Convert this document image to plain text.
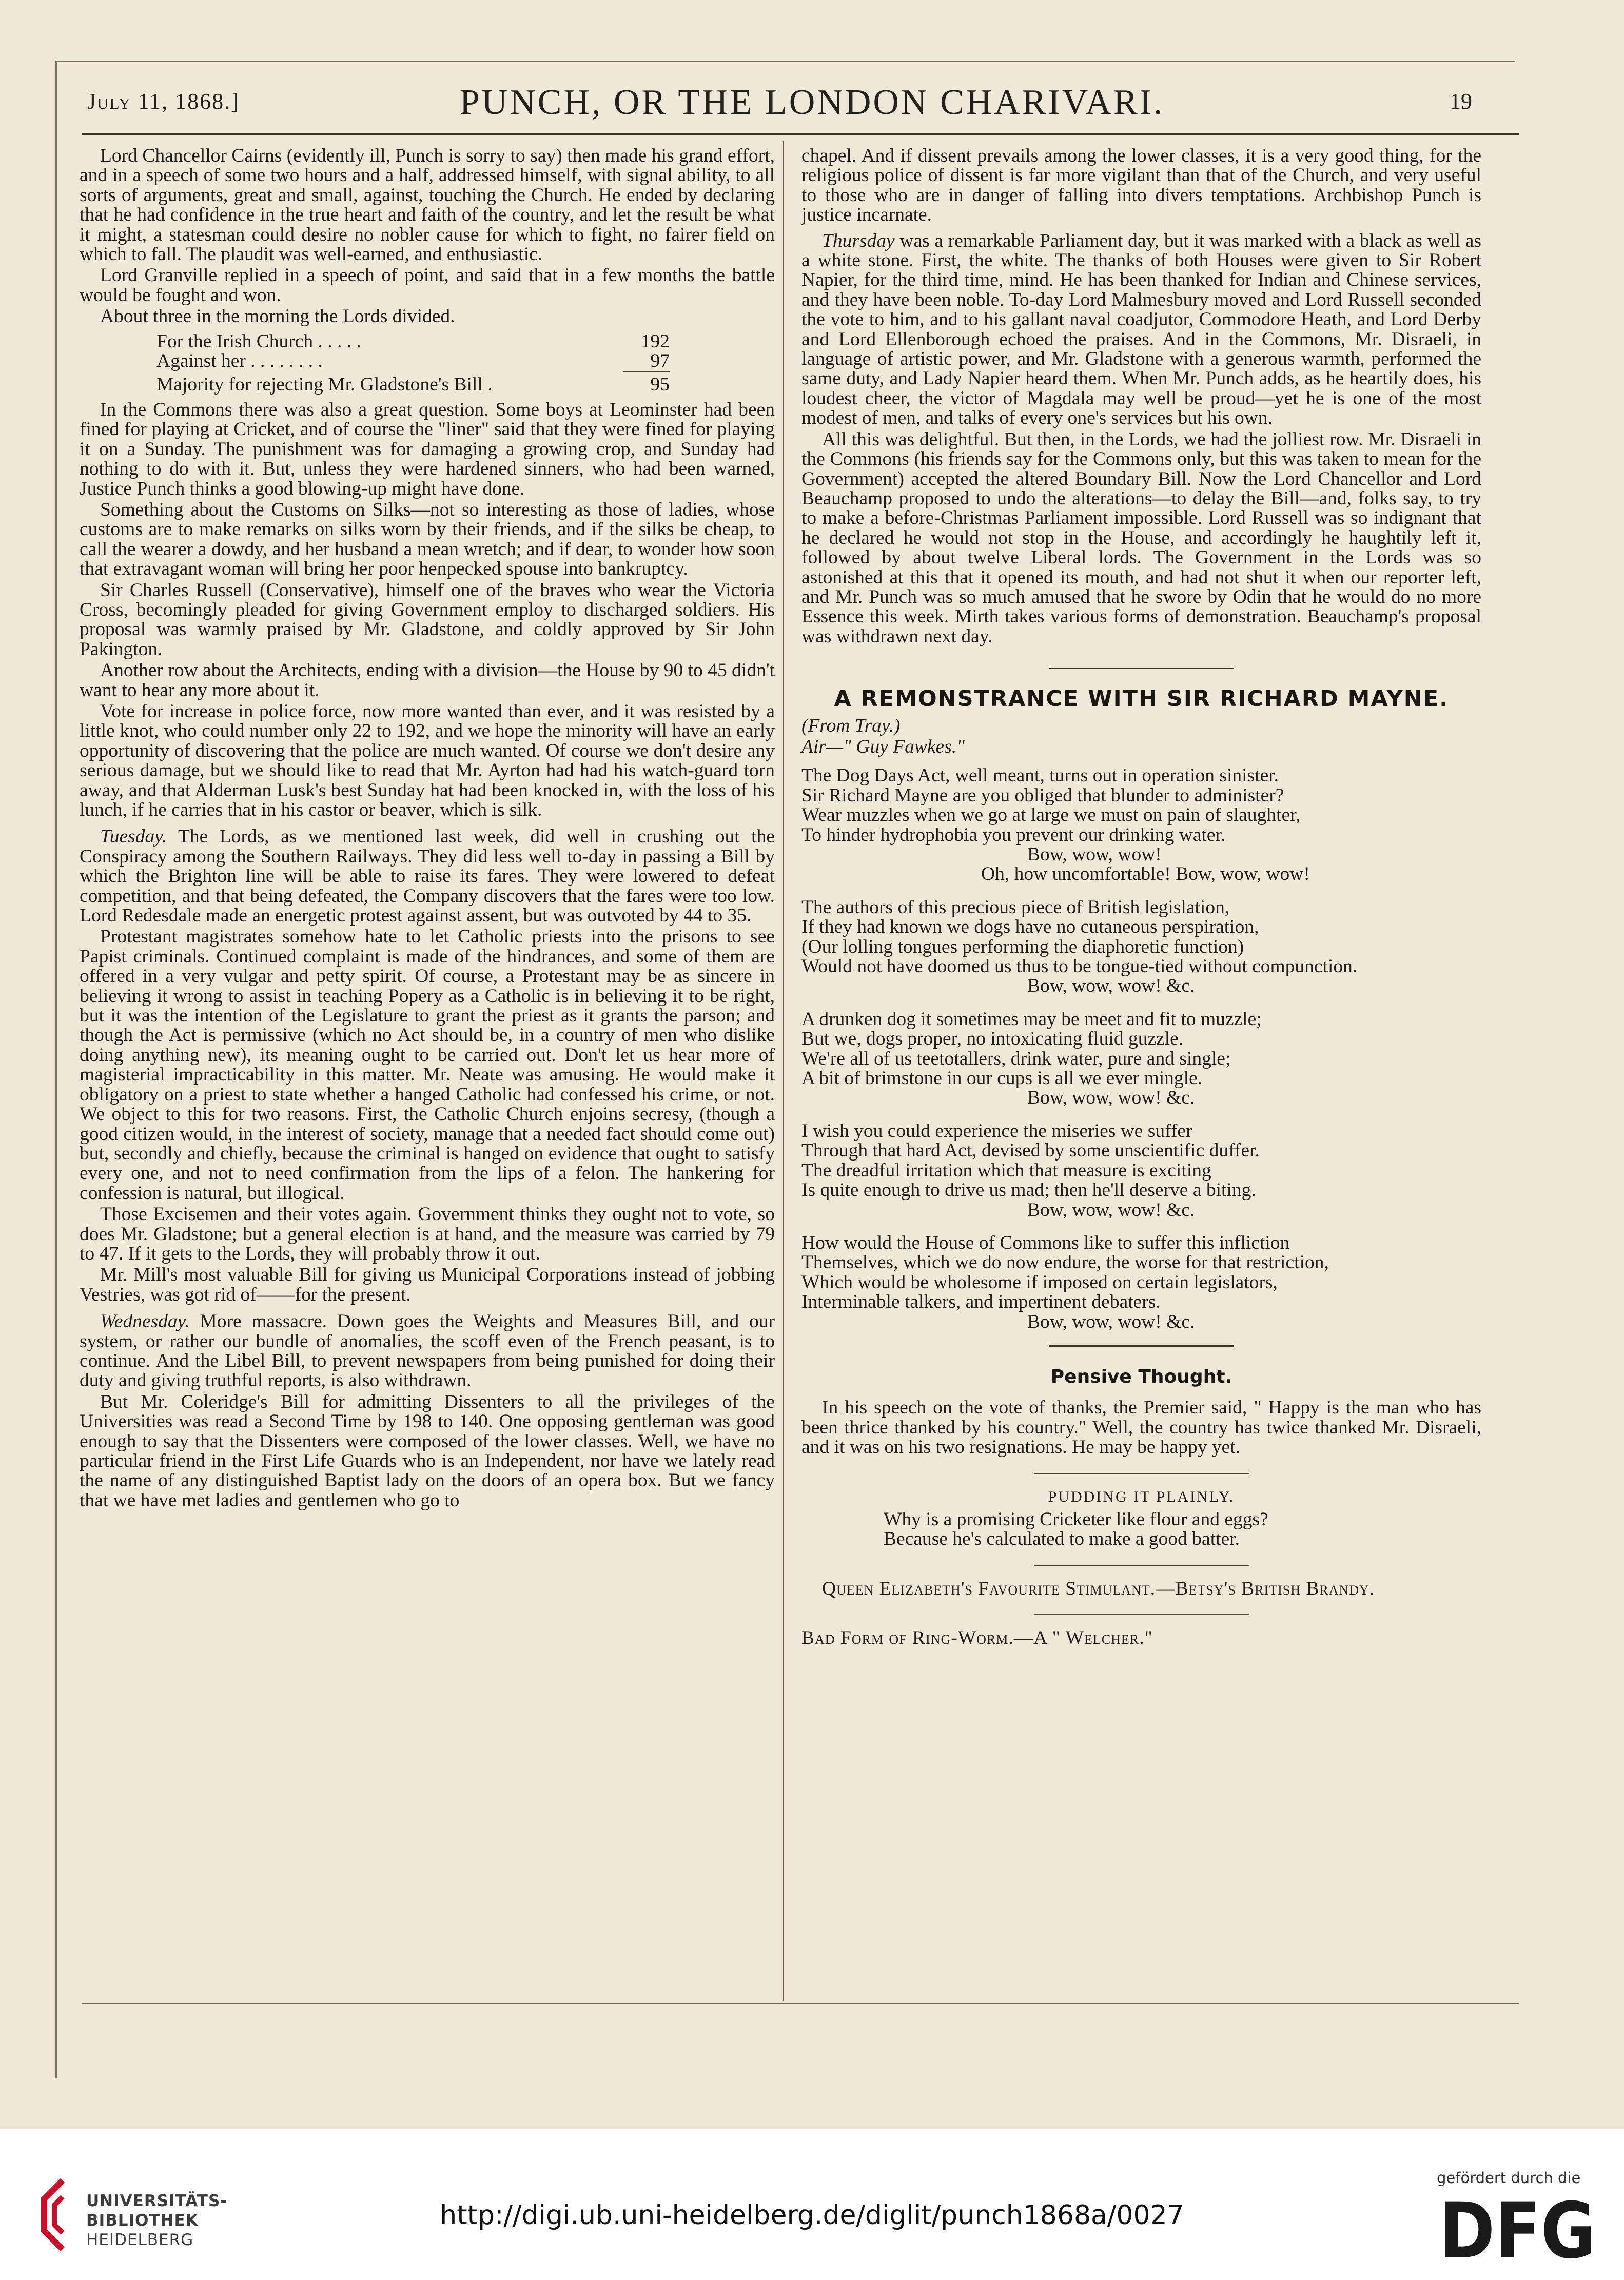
July 11, 1868.]	PUNCH, OR THE LONDON CHARIVARI.	19

Lord Chancellor Cairns (evidently ill, Punch is sorry to say) then made his grand effort, and in a speech of some two hours and a half, addressed himself, with signal ability, to all sorts of arguments, great and small, against, touching the Church. He ended by declaring that he had confidence in the true heart and faith of the country, and let the result be what it might, a statesman could desire no nobler cause for which to fight, no fairer field on which to fall. The plaudit was well-earned, and enthusiastic.

Lord Granville replied in a speech of point, and said that in a few months the battle would be fought and won.

About three in the morning the Lords divided.

For the Irish Church . . . . .	192
Against her . . . . . . . .	97
Majority for rejecting Mr. Gladstone's Bill .	95

In the Commons there was also a great question. Some boys at Leominster had been fined for playing at Cricket, and of course the "liner" said that they were fined for playing it on a Sunday. The punishment was for damaging a growing crop, and Sunday had nothing to do with it. But, unless they were hardened sinners, who had been warned, Justice Punch thinks a good blowing-up might have done.

Something about the Customs on Silks—not so interesting as those of ladies, whose customs are to make remarks on silks worn by their friends, and if the silks be cheap, to call the wearer a dowdy, and her husband a mean wretch; and if dear, to wonder how soon that extravagant woman will bring her poor henpecked spouse into bankruptcy.

Sir Charles Russell (Conservative), himself one of the braves who wear the Victoria Cross, becomingly pleaded for giving Government employ to discharged soldiers. His proposal was warmly praised by Mr. Gladstone, and coldly approved by Sir John Pakington.

Another row about the Architects, ending with a division—the House by 90 to 45 didn't want to hear any more about it.

Vote for increase in police force, now more wanted than ever, and it was resisted by a little knot, who could number only 22 to 192, and we hope the minority will have an early opportunity of discovering that the police are much wanted. Of course we don't desire any serious damage, but we should like to read that Mr. Ayrton had had his watch-guard torn away, and that Alderman Lusk's best Sunday hat had been knocked in, with the loss of his lunch, if he carries that in his castor or beaver, which is silk.

Tuesday. The Lords, as we mentioned last week, did well in crushing out the Conspiracy among the Southern Railways. They did less well to-day in passing a Bill by which the Brighton line will be able to raise its fares. They were lowered to defeat competition, and that being defeated, the Company discovers that the fares were too low. Lord Redesdale made an energetic protest against assent, but was outvoted by 44 to 35.

Protestant magistrates somehow hate to let Catholic priests into the prisons to see Papist criminals. Continued complaint is made of the hindrances, and some of them are offered in a very vulgar and petty spirit. Of course, a Protestant may be as sincere in believing it wrong to assist in teaching Popery as a Catholic is in believing it to be right, but it was the intention of the Legislature to grant the priest as it grants the parson; and though the Act is permissive (which no Act should be, in a country of men who dislike doing anything new), its meaning ought to be carried out. Don't let us hear more of magisterial impracticability in this matter. Mr. Neate was amusing. He would make it obligatory on a priest to state whether a hanged Catholic had confessed his crime, or not. We object to this for two reasons. First, the Catholic Church enjoins secresy, (though a good citizen would, in the interest of society, manage that a needed fact should come out) but, secondly and chiefly, because the criminal is hanged on evidence that ought to satisfy every one, and not to need confirmation from the lips of a felon. The hankering for confession is natural, but illogical.

Those Excisemen and their votes again. Government thinks they ought not to vote, so does Mr. Gladstone; but a general election is at hand, and the measure was carried by 79 to 47. If it gets to the Lords, they will probably throw it out.

Mr. Mill's most valuable Bill for giving us Municipal Corporations instead of jobbing Vestries, was got rid of——for the present.

Wednesday. More massacre. Down goes the Weights and Measures Bill, and our system, or rather our bundle of anomalies, the scoff even of the French peasant, is to continue. And the Libel Bill, to prevent newspapers from being punished for doing their duty and giving truthful reports, is also withdrawn.

But Mr. Coleridge's Bill for admitting Dissenters to all the privileges of the Universities was read a Second Time by 198 to 140. One opposing gentleman was good enough to say that the Dissenters were composed of the lower classes. Well, we have no particular friend in the First Life Guards who is an Independent, nor have we lately read the name of any distinguished Baptist lady on the doors of an opera box. But we fancy that we have met ladies and gentlemen who go to

chapel. And if dissent prevails among the lower classes, it is a very good thing, for the religious police of dissent is far more vigilant than that of the Church, and very useful to those who are in danger of falling into divers temptations. Archbishop Punch is justice incarnate.

Thursday was a remarkable Parliament day, but it was marked with a black as well as a white stone. First, the white. The thanks of both Houses were given to Sir Robert Napier, for the third time, mind. He has been thanked for Indian and Chinese services, and they have been noble. To-day Lord Malmesbury moved and Lord Russell seconded the vote to him, and to his gallant naval coadjutor, Commodore Heath, and Lord Derby and Lord Ellenborough echoed the praises. And in the Commons, Mr. Disraeli, in language of artistic power, and Mr. Gladstone with a generous warmth, performed the same duty, and Lady Napier heard them. When Mr. Punch adds, as he heartily does, his loudest cheer, the victor of Magdala may well be proud—yet he is one of the most modest of men, and talks of every one's services but his own.

All this was delightful. But then, in the Lords, we had the jolliest row. Mr. Disraeli in the Commons (his friends say for the Commons only, but this was taken to mean for the Government) accepted the altered Boundary Bill. Now the Lord Chancellor and Lord Beauchamp proposed to undo the alterations—to delay the Bill—and, folks say, to try to make a before-Christmas Parliament impossible. Lord Russell was so indignant that he declared he would not stop in the House, and accordingly he haughtily left it, followed by about twelve Liberal lords. The Government in the Lords was so astonished at this that it opened its mouth, and had not shut it when our reporter left, and Mr. Punch was so much amused that he swore by Odin that he would do no more Essence this week. Mirth takes various forms of demonstration. Beauchamp's proposal was withdrawn next day.

A REMONSTRANCE WITH SIR RICHARD MAYNE.

(From Tray.)

Air—" Guy Fawkes."

The Dog Days Act, well meant, turns out in operation sinister.
Sir Richard Mayne are you obliged that blunder to administer?
Wear muzzles when we go at large we must on pain of slaughter,
To hinder hydrophobia you prevent our drinking water.
Bow, wow, wow!
Oh, how uncomfortable! Bow, wow, wow!
The authors of this precious piece of British legislation,
If they had known we dogs have no cutaneous perspiration,
(Our lolling tongues performing the diaphoretic function)
Would not have doomed us thus to be tongue-tied without compunction.
Bow, wow, wow! &c.
A drunken dog it sometimes may be meet and fit to muzzle;
But we, dogs proper, no intoxicating fluid guzzle.
We're all of us teetotallers, drink water, pure and single;
A bit of brimstone in our cups is all we ever mingle.
Bow, wow, wow! &c.
I wish you could experience the miseries we suffer
Through that hard Act, devised by some unscientific duffer.
The dreadful irritation which that measure is exciting
Is quite enough to drive us mad; then he'll deserve a biting.
Bow, wow, wow! &c.
How would the House of Commons like to suffer this infliction
Themselves, which we do now endure, the worse for that restriction,
Which would be wholesome if imposed on certain legislators,
Interminable talkers, and impertinent debaters.
Bow, wow, wow! &c.
Pensive Thought.

In his speech on the vote of thanks, the Premier said, " Happy is the man who has been thrice thanked by his country." Well, the country has twice thanked Mr. Disraeli, and it was on his two resignations. He may be happy yet.

PUDDING IT PLAINLY.
Why is a promising Cricketer like flour and eggs?
Because he's calculated to make a good batter.

Queen Elizabeth's Favourite Stimulant.—Betsy's British Brandy.

Bad Form of Ring-Worm.—A " Welcher."

UNIVERSITÄTS-
BIBLIOTHEK
HEIDELBERG
http://digi.ub.uni-heidelberg.de/diglit/punch1868a/0027
gefördert durch die
DFG
